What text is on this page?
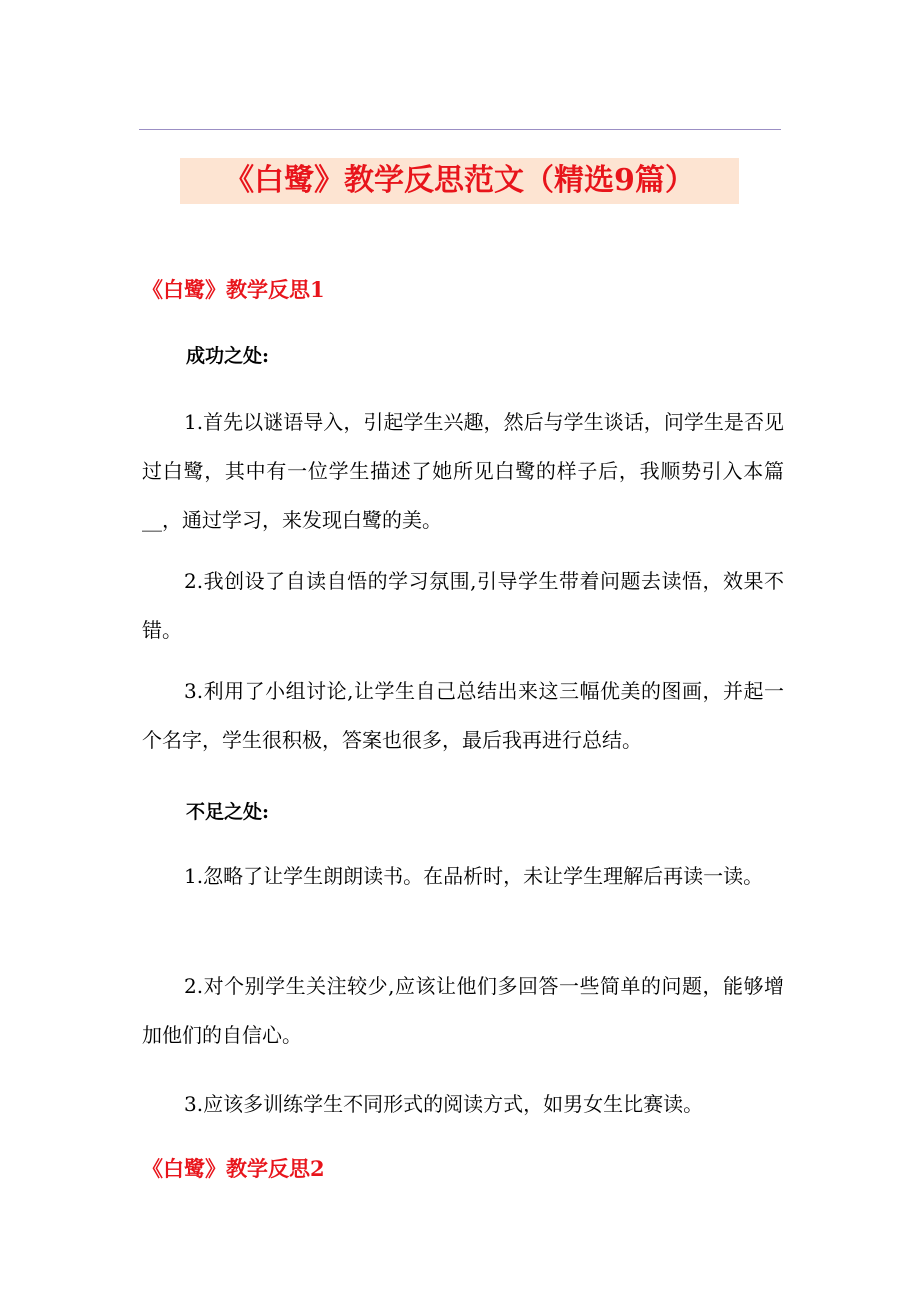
《白鹭》教学反思范文（精选9篇）
《白鹭》教学反思1
成功之处:

1.首先以谜语导入，引起学生兴趣，然后与学生谈话，问学生是否见过白鹭，其中有一位学生描述了她所见白鹭的样子后，我顺势引入本篇__，通过学习，来发现白鹭的美。

2.我创设了自读自悟的学习氛围,引导学生带着问题去读悟，效果不错。

3.利用了小组讨论,让学生自己总结出来这三幅优美的图画，并起一个名字，学生很积极，答案也很多，最后我再进行总结。

不足之处:

1.忽略了让学生朗朗读书。在品析时，未让学生理解后再读一读。

2.对个别学生关注较少,应该让他们多回答一些简单的问题，能够增加他们的自信心。

3.应该多训练学生不同形式的阅读方式，如男女生比赛读。

《白鹭》教学反思2
